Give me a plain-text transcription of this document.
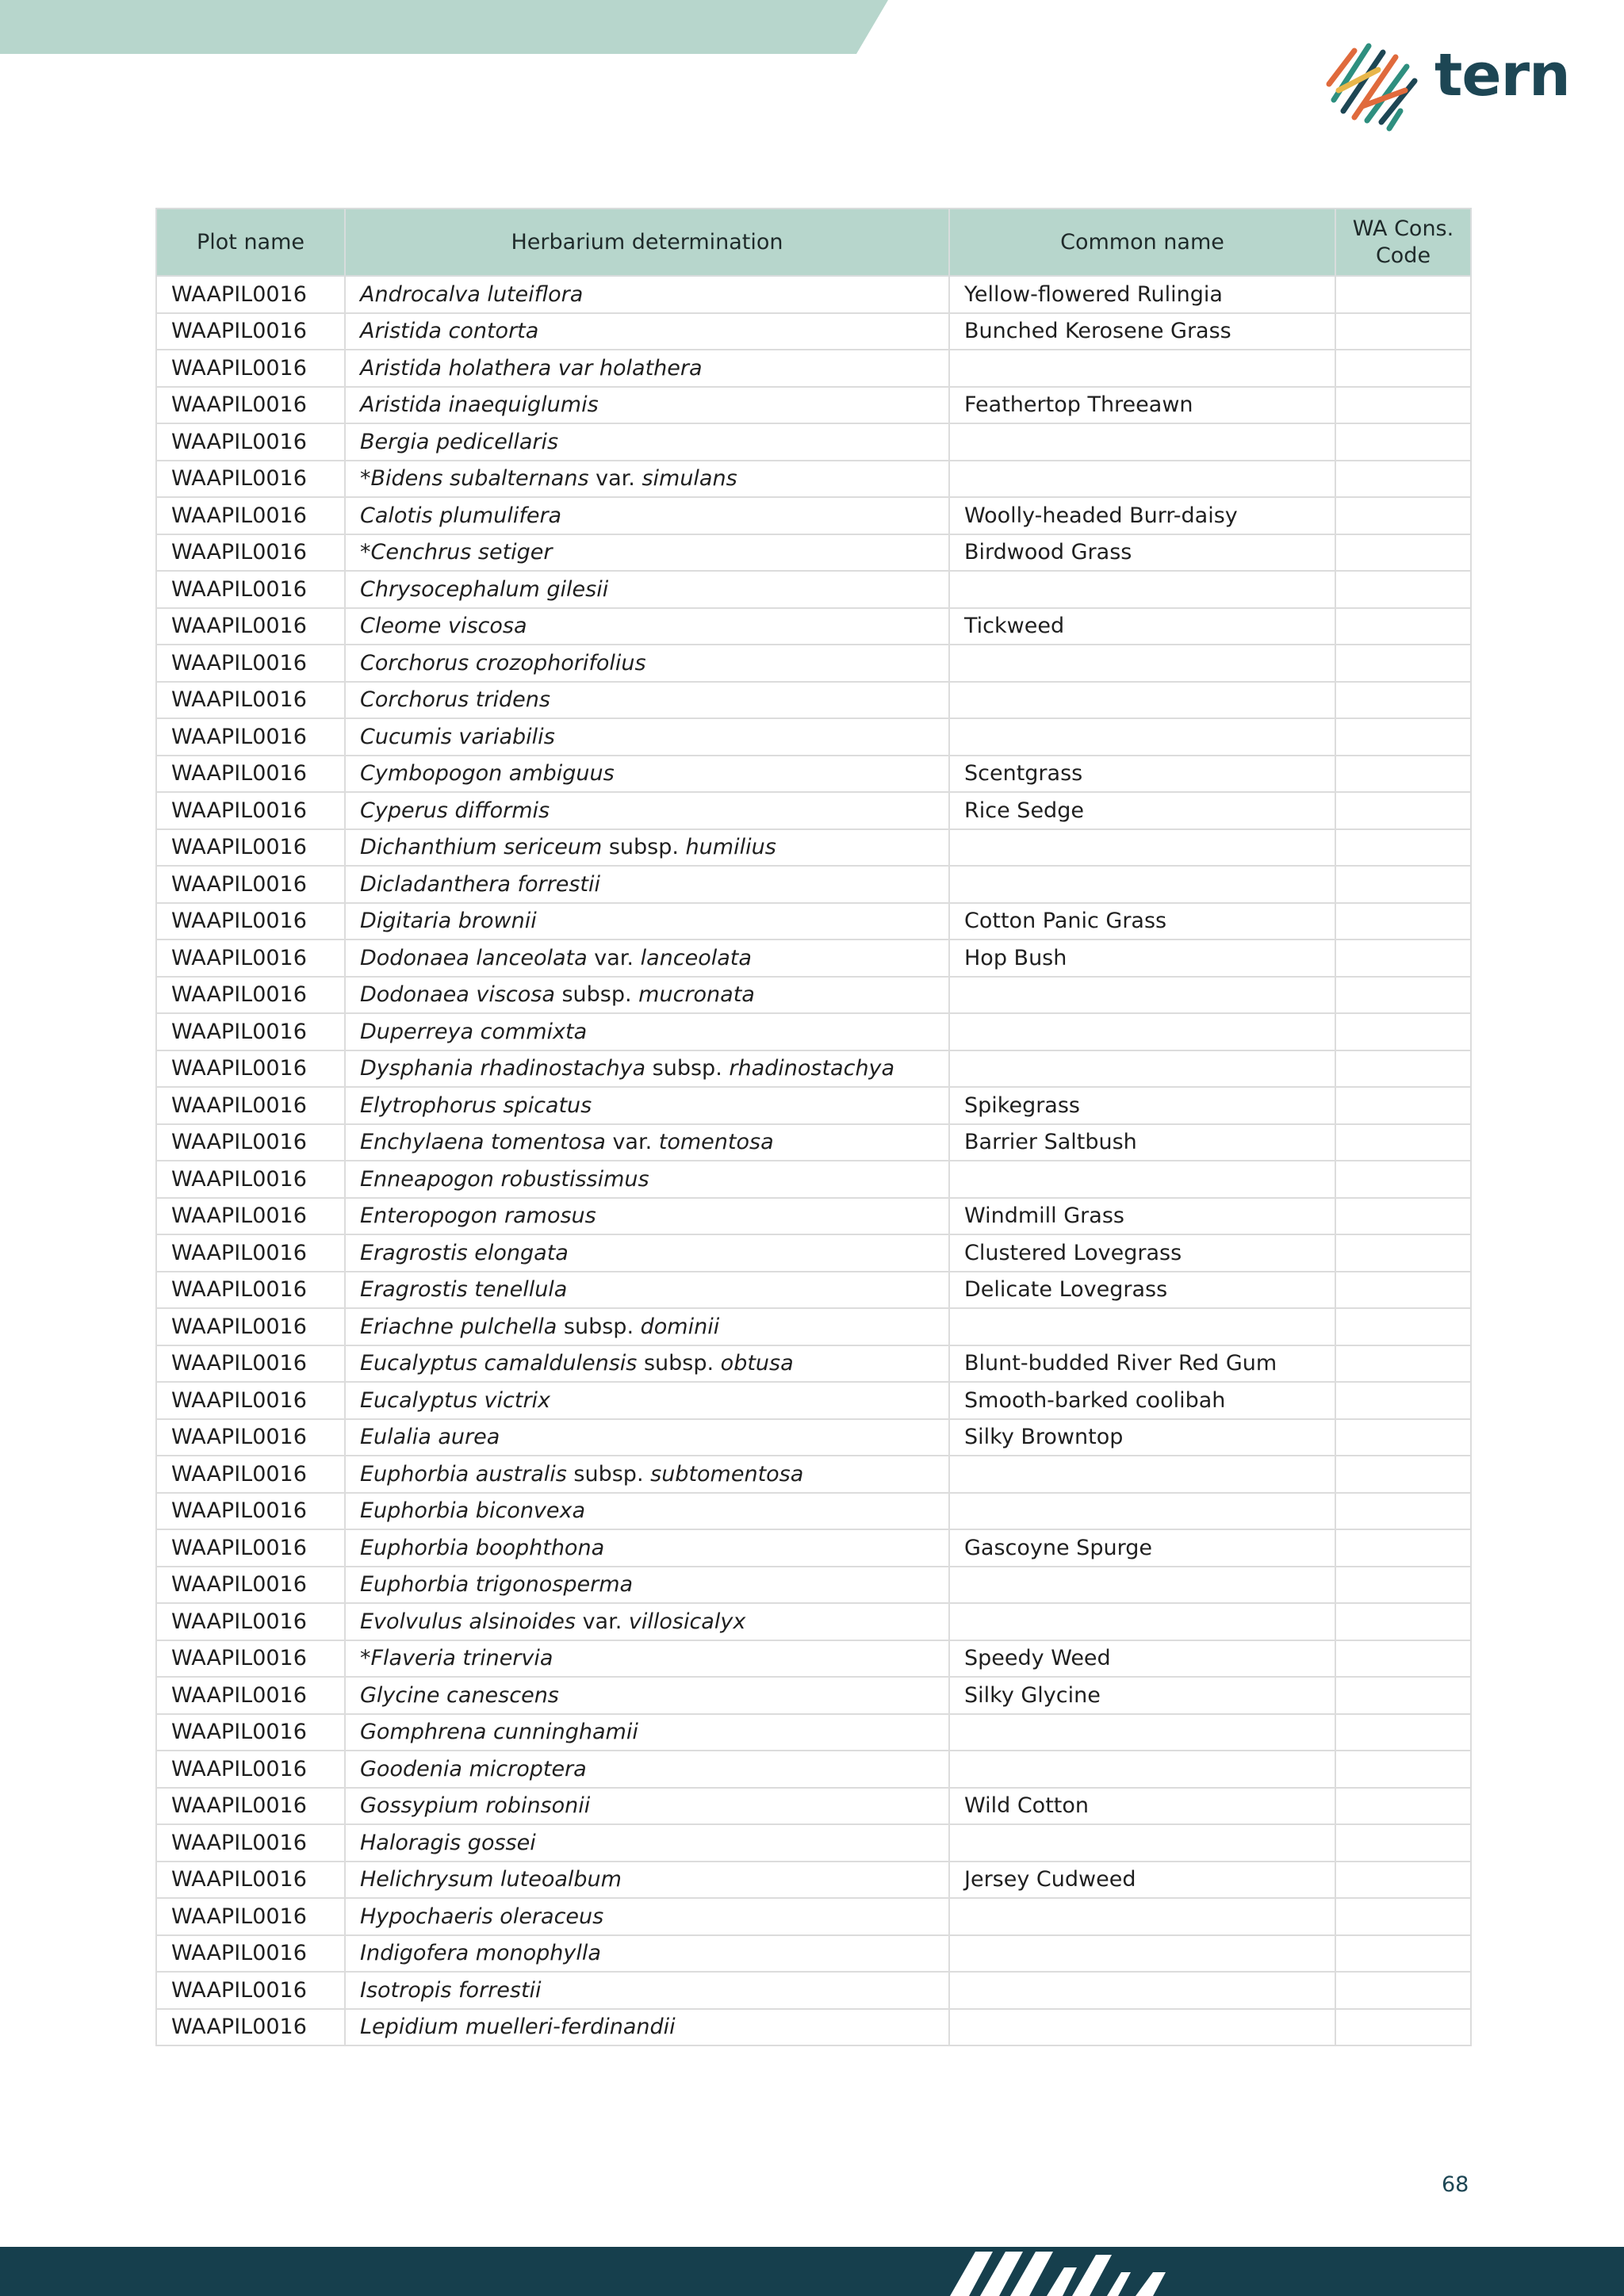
tern
Plot name	Herbarium determination	Common name	WA Cons.
Code
WAAPIL0016	Androcalva luteiflora	Yellow-flowered Rulingia	
WAAPIL0016	Aristida contorta	Bunched Kerosene Grass	
WAAPIL0016	Aristida holathera var holathera		
WAAPIL0016	Aristida inaequiglumis	Feathertop Threeawn	
WAAPIL0016	Bergia pedicellaris		
WAAPIL0016	*Bidens subalternans var. simulans		
WAAPIL0016	Calotis plumulifera	Woolly-headed Burr-daisy	
WAAPIL0016	*Cenchrus setiger	Birdwood Grass	
WAAPIL0016	Chrysocephalum gilesii		
WAAPIL0016	Cleome viscosa	Tickweed	
WAAPIL0016	Corchorus crozophorifolius		
WAAPIL0016	Corchorus tridens		
WAAPIL0016	Cucumis variabilis		
WAAPIL0016	Cymbopogon ambiguus	Scentgrass	
WAAPIL0016	Cyperus difformis	Rice Sedge	
WAAPIL0016	Dichanthium sericeum subsp. humilius		
WAAPIL0016	Dicladanthera forrestii		
WAAPIL0016	Digitaria brownii	Cotton Panic Grass	
WAAPIL0016	Dodonaea lanceolata var. lanceolata	Hop Bush	
WAAPIL0016	Dodonaea viscosa subsp. mucronata		
WAAPIL0016	Duperreya commixta		
WAAPIL0016	Dysphania rhadinostachya subsp. rhadinostachya		
WAAPIL0016	Elytrophorus spicatus	Spikegrass	
WAAPIL0016	Enchylaena tomentosa var. tomentosa	Barrier Saltbush	
WAAPIL0016	Enneapogon robustissimus		
WAAPIL0016	Enteropogon ramosus	Windmill Grass	
WAAPIL0016	Eragrostis elongata	Clustered Lovegrass	
WAAPIL0016	Eragrostis tenellula	Delicate Lovegrass	
WAAPIL0016	Eriachne pulchella subsp. dominii		
WAAPIL0016	Eucalyptus camaldulensis subsp. obtusa	Blunt-budded River Red Gum	
WAAPIL0016	Eucalyptus victrix	Smooth-barked coolibah	
WAAPIL0016	Eulalia aurea	Silky Browntop	
WAAPIL0016	Euphorbia australis subsp. subtomentosa		
WAAPIL0016	Euphorbia biconvexa		
WAAPIL0016	Euphorbia boophthona	Gascoyne Spurge	
WAAPIL0016	Euphorbia trigonosperma		
WAAPIL0016	Evolvulus alsinoides var. villosicalyx		
WAAPIL0016	*Flaveria trinervia	Speedy Weed	
WAAPIL0016	Glycine canescens	Silky Glycine	
WAAPIL0016	Gomphrena cunninghamii		
WAAPIL0016	Goodenia microptera		
WAAPIL0016	Gossypium robinsonii	Wild Cotton	
WAAPIL0016	Haloragis gossei		
WAAPIL0016	Helichrysum luteoalbum	Jersey Cudweed	
WAAPIL0016	Hypochaeris oleraceus		
WAAPIL0016	Indigofera monophylla		
WAAPIL0016	Isotropis forrestii		
WAAPIL0016	Lepidium muelleri-ferdinandii		
68
